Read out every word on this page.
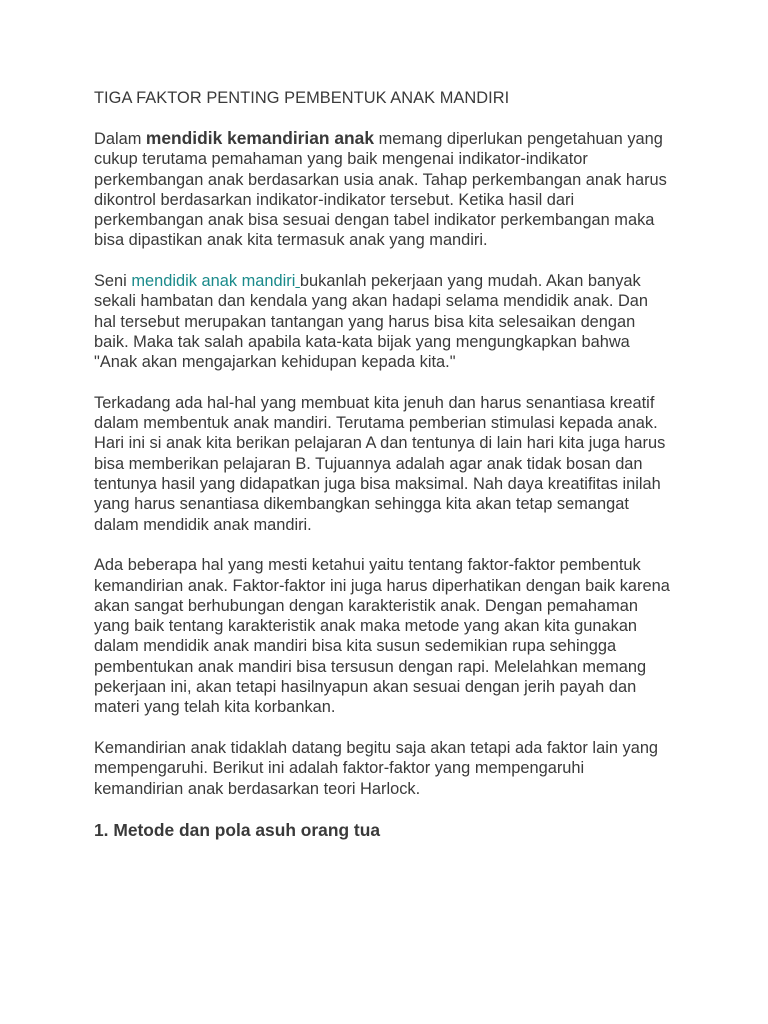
TIGA FAKTOR PENTING PEMBENTUK ANAK MANDIRI

Dalam mendidik kemandirian anak memang diperlukan pengetahuan yang cukup terutama pemahaman yang baik mengenai indikator-indikator perkembangan anak berdasarkan usia anak. Tahap perkembangan anak harus dikontrol berdasarkan indikator-indikator tersebut. Ketika hasil dari perkembangan anak bisa sesuai dengan tabel indikator perkembangan maka bisa dipastikan anak kita termasuk anak yang mandiri.

Seni mendidik anak mandiri bukanlah pekerjaan yang mudah. Akan banyak sekali hambatan dan kendala yang akan hadapi selama mendidik anak. Dan hal tersebut merupakan tantangan yang harus bisa kita selesaikan dengan baik. Maka tak salah apabila kata-kata bijak yang mengungkapkan bahwa "Anak akan mengajarkan kehidupan kepada kita."

Terkadang ada hal-hal yang membuat kita jenuh dan harus senantiasa kreatif dalam membentuk anak mandiri. Terutama pemberian stimulasi kepada anak. Hari ini si anak kita berikan pelajaran A dan tentunya di lain hari kita juga harus bisa memberikan pelajaran B. Tujuannya adalah agar anak tidak bosan dan tentunya hasil yang didapatkan juga bisa maksimal. Nah daya kreatifitas inilah yang harus senantiasa dikembangkan sehingga kita akan tetap semangat dalam mendidik anak mandiri.

Ada beberapa hal yang mesti ketahui yaitu tentang faktor-faktor pembentuk kemandirian anak. Faktor-faktor ini juga harus diperhatikan dengan baik karena akan sangat berhubungan dengan karakteristik anak. Dengan pemahaman yang baik tentang karakteristik anak maka metode yang akan kita gunakan dalam mendidik anak mandiri bisa kita susun sedemikian rupa sehingga pembentukan anak mandiri bisa tersusun dengan rapi. Melelahkan memang pekerjaan ini, akan tetapi hasilnyapun akan sesuai dengan jerih payah dan materi yang telah kita korbankan.

Kemandirian anak tidaklah datang begitu saja akan tetapi ada faktor lain yang mempengaruhi. Berikut ini adalah faktor-faktor yang mempengaruhi kemandirian anak berdasarkan teori Harlock.

1. Metode dan pola asuh orang tua
